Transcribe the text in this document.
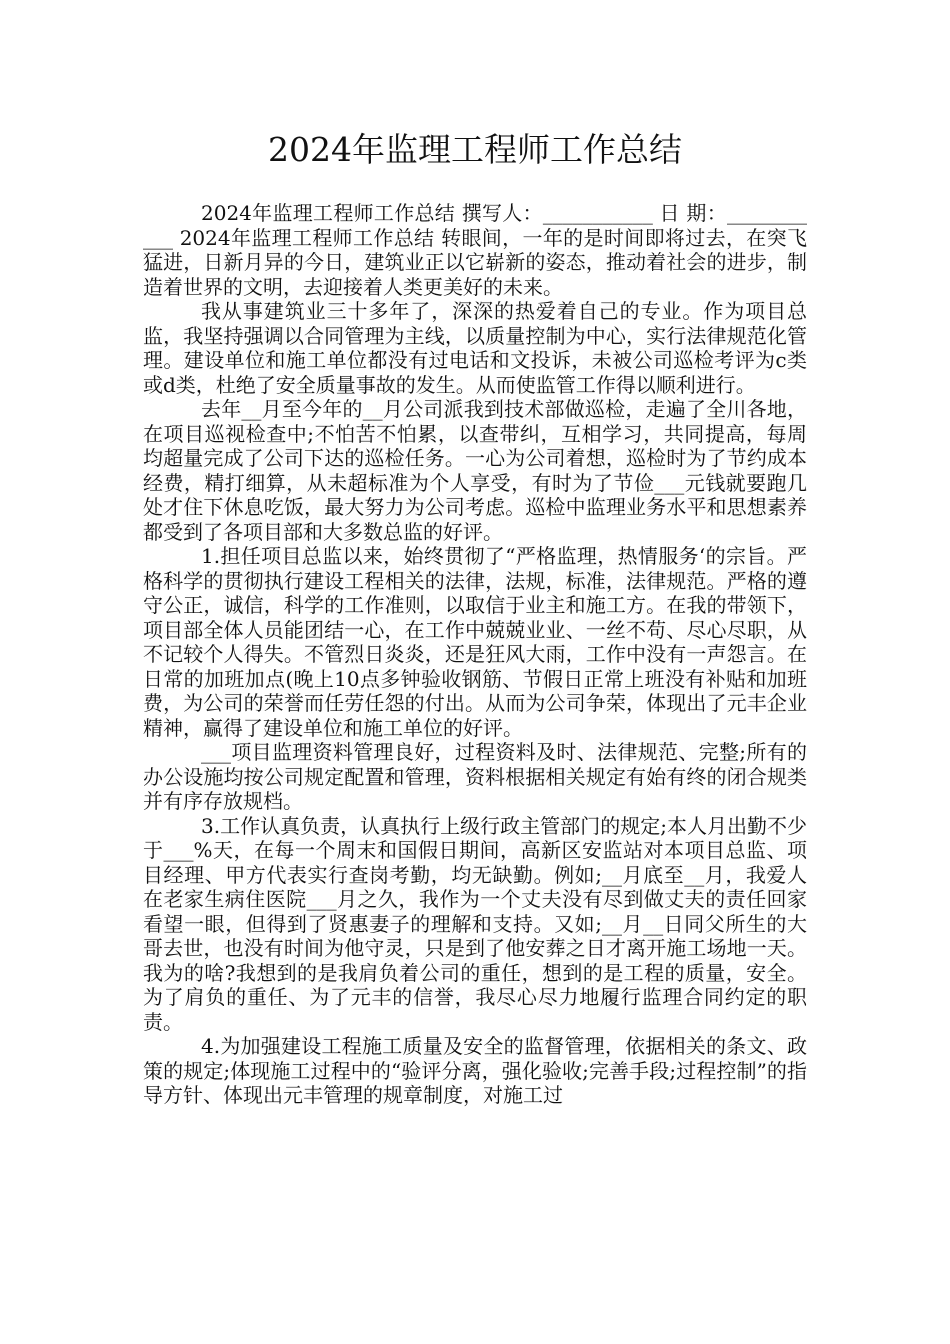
2024年监理工程师工作总结

2024年监理工程师工作总结 撰写人：___________ 日 期：___________ 2024年监理工程师工作总结 转眼间，一年的是时间即将过去，在突飞猛进，日新月异的今日，建筑业正以它崭新的姿态，推动着社会的进步，制造着世界的文明，去迎接着人类更美好的未来。

我从事建筑业三十多年了，深深的热爱着自己的专业。作为项目总监，我坚持强调以合同管理为主线，以质量控制为中心，实行法律规范化管理。建设单位和施工单位都没有过电话和文投诉，未被公司巡检考评为c类或d类，杜绝了安全质量事故的发生。从而使监管工作得以顺利进行。

去年__月至今年的__月公司派我到技术部做巡检，走遍了全川各地，在项目巡视检查中;不怕苦不怕累，以查带纠，互相学习，共同提高，每周均超量完成了公司下达的巡检任务。一心为公司着想，巡检时为了节约成本经费，精打细算，从未超标准为个人享受，有时为了节俭___元钱就要跑几处才住下休息吃饭，最大努力为公司考虑。巡检中监理业务水平和思想素养都受到了各项目部和大多数总监的好评。

1.担任项目总监以来，始终贯彻了“严格监理，热情服务‘的宗旨。严格科学的贯彻执行建设工程相关的法律，法规，标准，法律规范。严格的遵守公正，诚信，科学的工作准则，以取信于业主和施工方。在我的带领下，项目部全体人员能团结一心，在工作中兢兢业业、一丝不苟、尽心尽职，从不记较个人得失。不管烈日炎炎，还是狂风大雨，工作中没有一声怨言。在日常的加班加点(晚上10点多钟验收钢筋、节假日正常上班没有补贴和加班费，为公司的荣誉而任劳任怨的付出。从而为公司争荣，体现出了元丰企业精神，赢得了建设单位和施工单位的好评。

___项目监理资料管理良好，过程资料及时、法律规范、完整;所有的办公设施均按公司规定配置和管理，资料根据相关规定有始有终的闭合规类并有序存放规档。

3.工作认真负责，认真执行上级行政主管部门的规定;本人月出勤不少于___%天，在每一个周末和国假日期间，高新区安监站对本项目总监、项目经理、甲方代表实行查岗考勤，均无缺勤。例如;__月底至__月，我爱人在老家生病住医院___月之久，我作为一个丈夫没有尽到做丈夫的责任回家看望一眼，但得到了贤惠妻子的理解和支持。又如;__月__日同父所生的大哥去世，也没有时间为他守灵，只是到了他安葬之日才离开施工场地一天。我为的啥?我想到的是我肩负着公司的重任，想到的是工程的质量，安全。为了肩负的重任、为了元丰的信誉，我尽心尽力地履行监理合同约定的职责。

4.为加强建设工程施工质量及安全的监督管理，依据相关的条文、政策的规定;体现施工过程中的“验评分离，强化验收;完善手段;过程控制”的指导方针、体现出元丰管理的规章制度，对施工过
